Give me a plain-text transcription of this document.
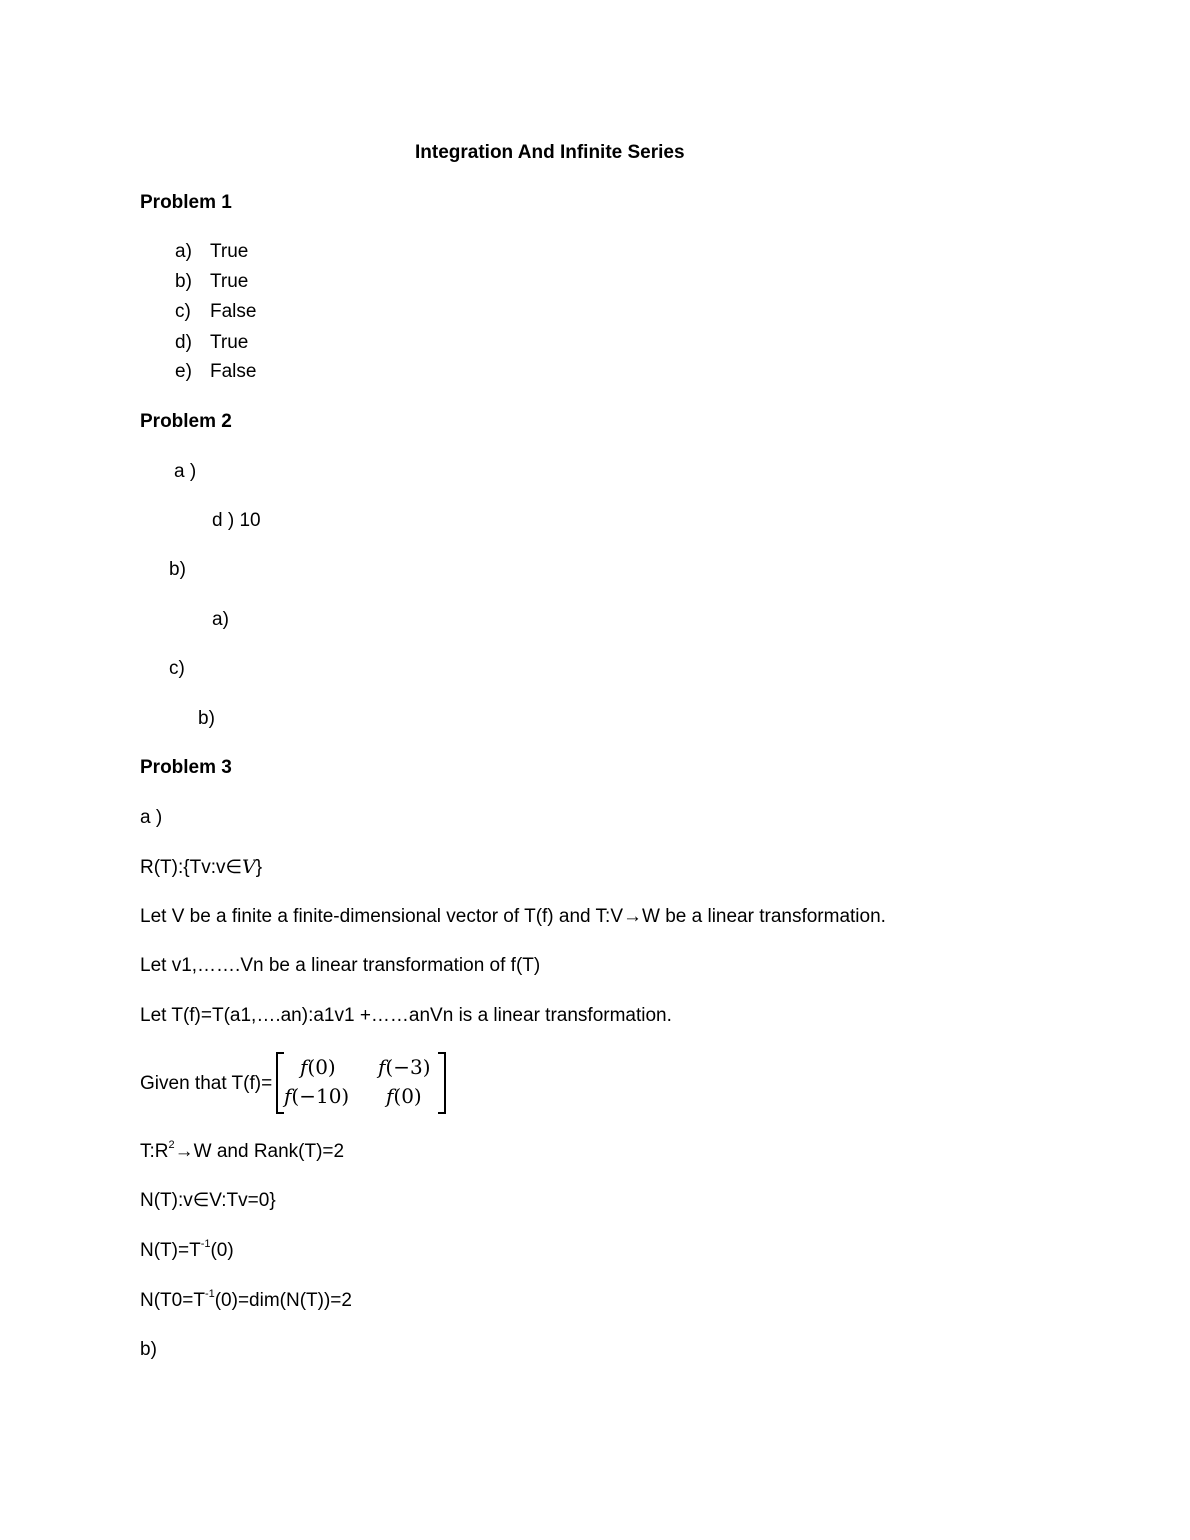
Integration And Infinite Series
Problem 1
a) True
b) True
c) False
d) True
e) False
Problem 2
a )
d ) 10
b)
a)
c)
b)
Problem 3
a )
R(T):{Tv:v∈V}
Let V be a finite a finite-dimensional vector of T(f) and T:V→W be a linear transformation.
Let v1,…….Vn be a linear transformation of f(T)
Let T(f)=T(a1,….an):a1v1 +……anVn is a linear transformation.
Given that T(f)=
f(0) f(−3)
f(−10) f(0)
$T:R^2\to W$ and Rank(T)=2
N(T):v∈V:Tv=0}
$N(T)=T^{-1}(0)$
$N(T0=T^{-1}(0)=dim(N(T))=2$
b)
